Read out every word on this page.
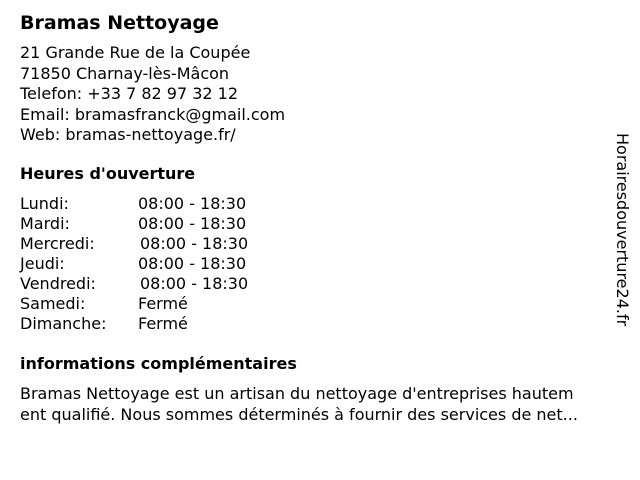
Bramas Nettoyage
21 Grande Rue de la Coupée
71850 Charnay-lès-Mâcon
Telefon: +33 7 82 97 32 12
Email: bramasfranck@gmail.com
Web: bramas-nettoyage.fr/
Heures d'ouverture
Lundi:	08:00 - 18:30
Mardi:	08:00 - 18:30
Mercredi:	08:00 - 18:30
Jeudi:	08:00 - 18:30
Vendredi:	08:00 - 18:30
Samedi:	Fermé
Dimanche: Fermé
informations complémentaires
Bramas Nettoyage est un artisan du nettoyage d'entreprises hautem
ent qualifié. Nous sommes déterminés à fournir des services de net...
Horairesdouverture24.fr
